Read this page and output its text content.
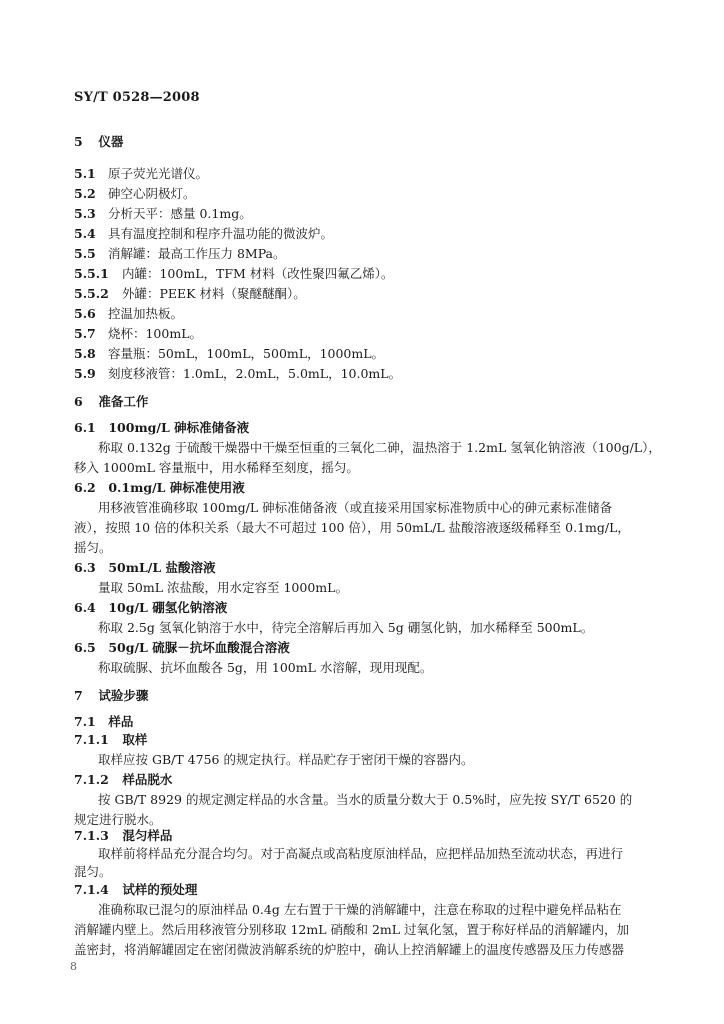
SY/T 0528—2008
5 仪器
5.1 原子荧光光谱仪。
5.2 砷空心阴极灯。
5.3 分析天平：感量 0.1mg。
5.4 具有温度控制和程序升温功能的微波炉。
5.5 消解罐：最高工作压力 8MPa。
5.5.1 内罐：100mL，TFM 材料（改性聚四氟乙烯）。
5.5.2 外罐：PEEK 材料（聚醚醚酮）。
5.6 控温加热板。
5.7 烧杯：100mL。
5.8 容量瓶：50mL，100mL，500mL，1000mL。
5.9 刻度移液管：1.0mL，2.0mL，5.0mL，10.0mL。
6 准备工作
6.1 100mg/L 砷标准储备液
称取 0.132g 于硫酸干燥器中干燥至恒重的三氧化二砷，温热溶于 1.2mL 氢氧化钠溶液（100g/L），
移入 1000mL 容量瓶中，用水稀释至刻度，摇匀。
6.2 0.1mg/L 砷标准使用液
用移液管准确移取 100mg/L 砷标准储备液（或直接采用国家标准物质中心的砷元素标准储备
液），按照 10 倍的体积关系（最大不可超过 100 倍），用 50mL/L 盐酸溶液逐级稀释至 0.1mg/L，
摇匀。
6.3 50mL/L 盐酸溶液
量取 50mL 浓盐酸，用水定容至 1000mL。
6.4 10g/L 硼氢化钠溶液
称取 2.5g 氢氧化钠溶于水中，待完全溶解后再加入 5g 硼氢化钠，加水稀释至 500mL。
6.5 50g/L 硫脲－抗坏血酸混合溶液
称取硫脲、抗坏血酸各 5g，用 100mL 水溶解，现用现配。
7 试验步骤
7.1 样品
7.1.1 取样
取样应按 GB/T 4756 的规定执行。样品贮存于密闭干燥的容器内。
7.1.2 样品脱水
按 GB/T 8929 的规定测定样品的水含量。当水的质量分数大于 0.5%时，应先按 SY/T 6520 的
规定进行脱水。
7.1.3 混匀样品
取样前将样品充分混合均匀。对于高凝点或高粘度原油样品，应把样品加热至流动状态，再进行
混匀。
7.1.4 试样的预处理
准确称取已混匀的原油样品 0.4g 左右置于干燥的消解罐中，注意在称取的过程中避免样品粘在
消解罐内壁上。然后用移液管分别移取 12mL 硝酸和 2mL 过氧化氢，置于称好样品的消解罐内，加
盖密封，将消解罐固定在密闭微波消解系统的炉腔中，确认上控消解罐上的温度传感器及压力传感器
8
